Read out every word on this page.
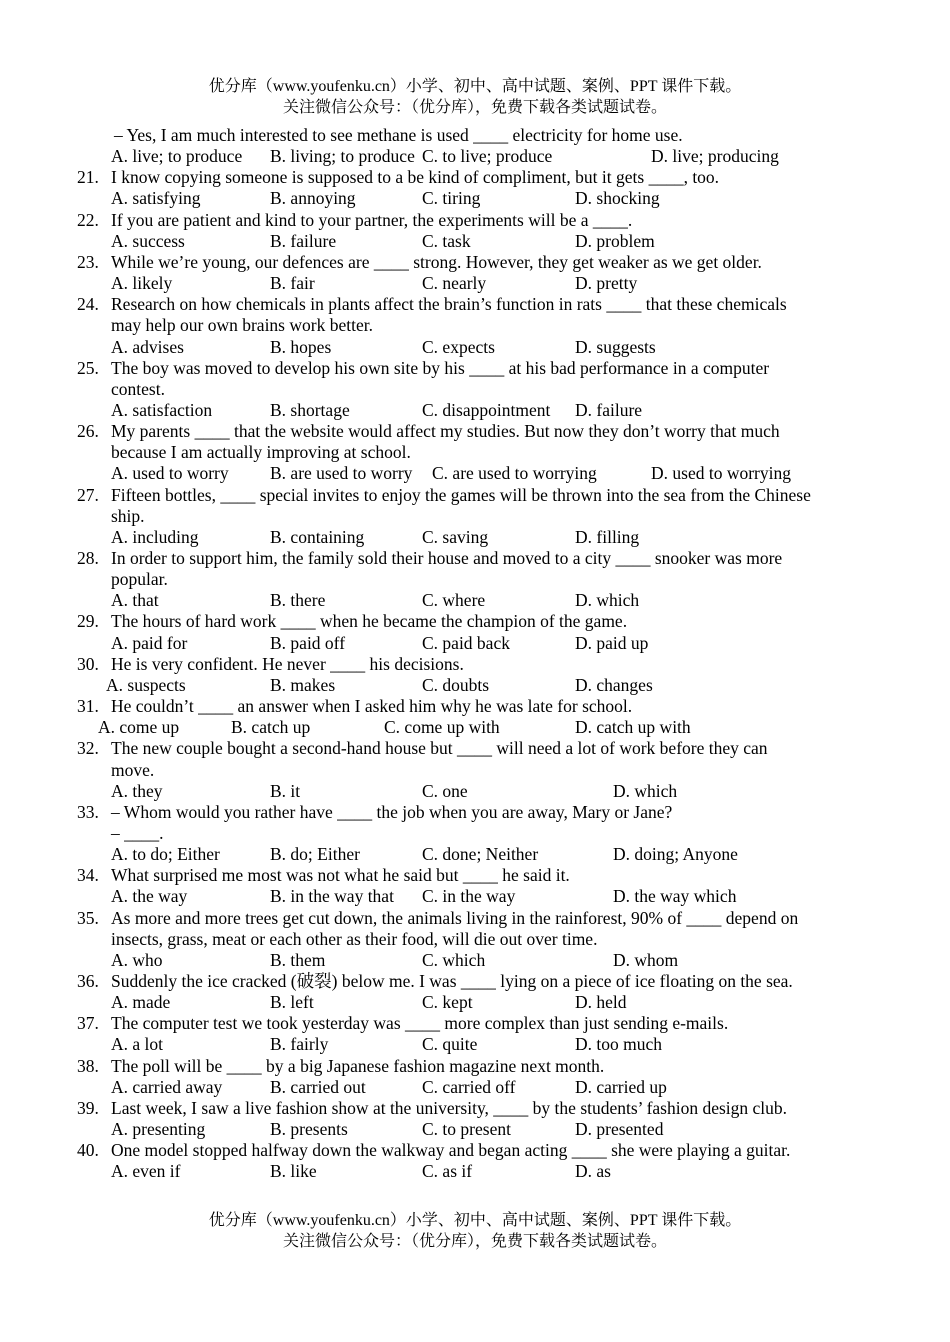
优分库（www.youfenku.cn）小学、初中、高中试题、案例、PPT 课件下载。
关注微信公众号：（优分库），免费下载各类试题试卷。
– Yes, I am much interested to see methane is used ____ electricity for home use.
A. live; to produce B. living; to produce C. to live; produce	D. live; producing
21. I know copying someone is supposed to a be kind of compliment, but it gets ____, too.
A. satisfying	B. annoying	C. tiring	D. shocking
22. If you are patient and kind to your partner, the experiments will be a ____.
A. success	B. failure	C. task	D. problem
23. While we’re young, our defences are ____ strong. However, they get weaker as we get older.
A. likely	B. fair	C. nearly	D. pretty
24. Research on how chemicals in plants affect the brain’s function in rats ____ that these chemicals
may help our own brains work better.
A. advises	B. hopes	C. expects	D. suggests
25. The boy was moved to develop his own site by his ____ at his bad performance in a computer
contest.
A. satisfaction	B. shortage	C. disappointment D. failure
26. My parents ____ that the website would affect my studies. But now they don’t worry that much
because I am actually improving at school.
A. used to worry B. are used to worry C. are used to worrying	D. used to worrying
27. Fifteen bottles, ____ special invites to enjoy the games will be thrown into the sea from the Chinese
ship.
A. including	B. containing	C. saving	D. filling
28. In order to support him, the family sold their house and moved to a city ____ snooker was more
popular.
A. that	B. there	C. where	D. which
29. The hours of hard work ____ when he became the champion of the game.
A. paid for	B. paid off	C. paid back	D. paid up
30. He is very confident. He never ____ his decisions.
A. suspects	B. makes	C. doubts	D. changes
31. He couldn’t ____ an answer when I asked him why he was late for school.
A. come up	B. catch up	C. come up with	D. catch up with
32. The new couple bought a second-hand house but ____ will need a lot of work before they can
move.
A. they	B. it	C. one	D. which
33. – Whom would you rather have ____ the job when you are away, Mary or Jane?
– ____.
A. to do; Either	B. do; Either	C. done; Neither	D. doing; Anyone
34. What surprised me most was not what he said but ____ he said it.
A. the way	B. in the way that C. in the way	D. the way which
35. As more and more trees get cut down, the animals living in the rainforest, 90% of ____ depend on
insects, grass, meat or each other as their food, will die out over time.
A. who	B. them	C. which	D. whom
36. Suddenly the ice cracked (破裂) below me. I was ____ lying on a piece of ice floating on the sea.
A. made	B. left	C. kept	D. held
37. The computer test we took yesterday was ____ more complex than just sending e-mails.
A. a lot	B. fairly	C. quite	D. too much
38. The poll will be ____ by a big Japanese fashion magazine next month.
A. carried away	B. carried out	C. carried off	D. carried up
39. Last week, I saw a live fashion show at the university, ____ by the students’ fashion design club.
A. presenting	B. presents	C. to present	D. presented
40. One model stopped halfway down the walkway and began acting ____ she were playing a guitar.
A. even if	B. like	C. as if	D. as
优分库（www.youfenku.cn）小学、初中、高中试题、案例、PPT 课件下载。
关注微信公众号：（优分库），免费下载各类试题试卷。
